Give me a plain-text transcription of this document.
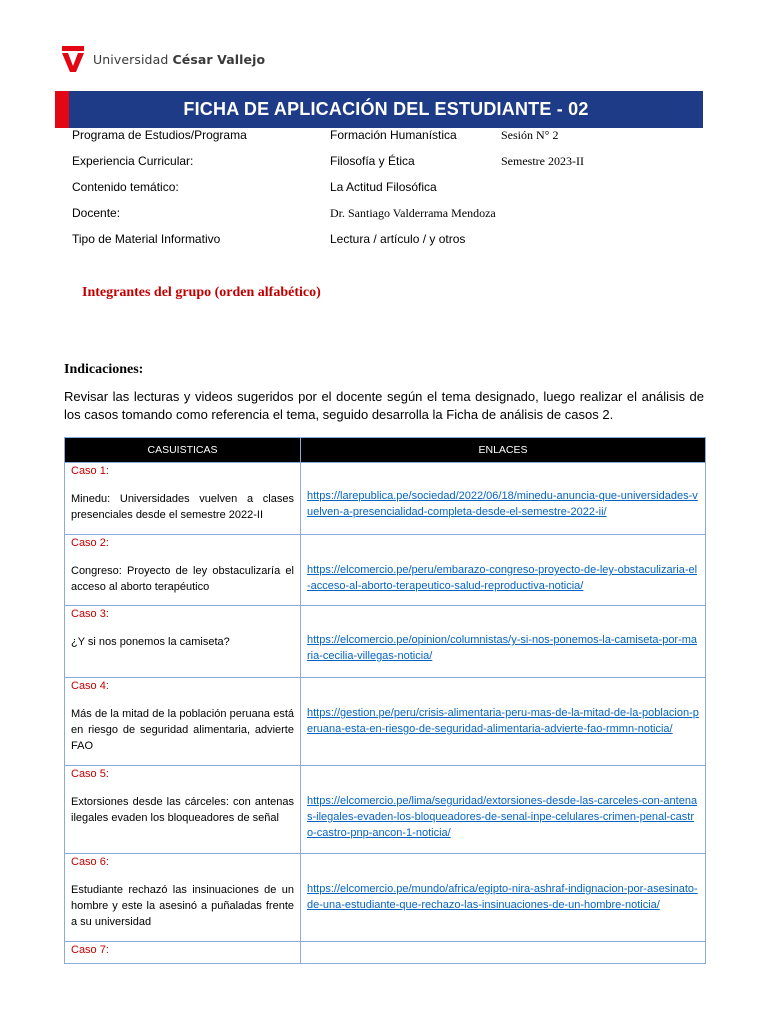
Universidad César Vallejo
FICHA DE APLICACIÓN DEL ESTUDIANTE - 02
Programa de Estudios/Programa	Formación Humanística	Sesión N° 2
Experiencia Curricular:	Filosofía y Ética	Semestre 2023-II
Contenido temático:	La Actitud Filosófica
Docente:	Dr. Santiago Valderrama Mendoza
Tipo de Material Informativo	Lectura / artículo / y otros
Integrantes del grupo (orden alfabético)
Indicaciones:
Revisar las lecturas y videos sugeridos por el docente según el tema designado, luego realizar el análisis de los casos tomando como referencia el tema, seguido desarrolla la Ficha de análisis de casos 2.
CASUISTICAS	ENLACES

Caso 1:
Minedu: Universidades vuelven a clases presenciales desde el semestre 2022-II	https://larepublica.pe/sociedad/2022/06/18/minedu-anuncia-que-universidades-vuelven-a-presencialidad-completa-desde-el-semestre-2022-ii/

Caso 2:
Congreso: Proyecto de ley obstaculizaría el acceso al aborto terapéutico	https://elcomercio.pe/peru/embarazo-congreso-proyecto-de-ley-obstaculizaria-el-acceso-al-aborto-terapeutico-salud-reproductiva-noticia/

Caso 3:
¿Y si nos ponemos la camiseta?	https://elcomercio.pe/opinion/columnistas/y-si-nos-ponemos-la-camiseta-por-maria-cecilia-villegas-noticia/

Caso 4:
Más de la mitad de la población peruana está en riesgo de seguridad alimentaria, advierte FAO	https://gestion.pe/peru/crisis-alimentaria-peru-mas-de-la-mitad-de-la-poblacion-peruana-esta-en-riesgo-de-seguridad-alimentaria-advierte-fao-rmmn-noticia/

Caso 5:
Extorsiones desde las cárceles: con antenas ilegales evaden los bloqueadores de señal	https://elcomercio.pe/lima/seguridad/extorsiones-desde-las-carceles-con-antenas-ilegales-evaden-los-bloqueadores-de-senal-inpe-celulares-crimen-penal-castro-castro-pnp-ancon-1-noticia/

Caso 6:
Estudiante rechazó las insinuaciones de un hombre y este la asesinó a puñaladas frente a su universidad	https://elcomercio.pe/mundo/africa/egipto-nira-ashraf-indignacion-por-asesinato-de-una-estudiante-que-rechazo-las-insinuaciones-de-un-hombre-noticia/

Caso 7:	
